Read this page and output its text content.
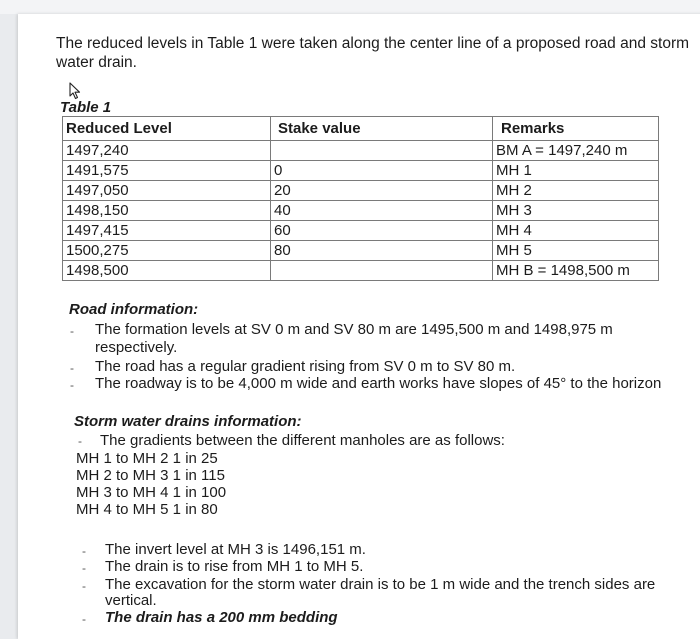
The reduced levels in Table 1 were taken along the center line of a proposed road and storm water drain.
Table 1
Reduced Level	Stake value	Remarks
1497,240		BM A = 1497,240 m
1491,575	0	MH 1
1497,050	20	MH 2
1498,150	40	MH 3
1497,415	60	MH 4
1500,275	80	MH 5
1498,500		MH B = 1498,500 m
Road information:
- The formation levels at SV 0 m and SV 80 m are 1495,500 m and 1498,975 m
respectively.
- The road has a regular gradient rising from SV 0 m to SV 80 m.
- The roadway is to be 4,000 m wide and earth works have slopes of 45° to the horizon
Storm water drains information:
- The gradients between the different manholes are as follows:
MH 1 to MH 2 1 in 25
MH 2 to MH 3 1 in 115
MH 3 to MH 4 1 in 100
MH 4 to MH 5 1 in 80
- The invert level at MH 3 is 1496,151 m.
- The drain is to rise from MH 1 to MH 5.
- The excavation for the storm water drain is to be 1 m wide and the trench sides are
vertical.
- The drain has a 200 mm bedding
